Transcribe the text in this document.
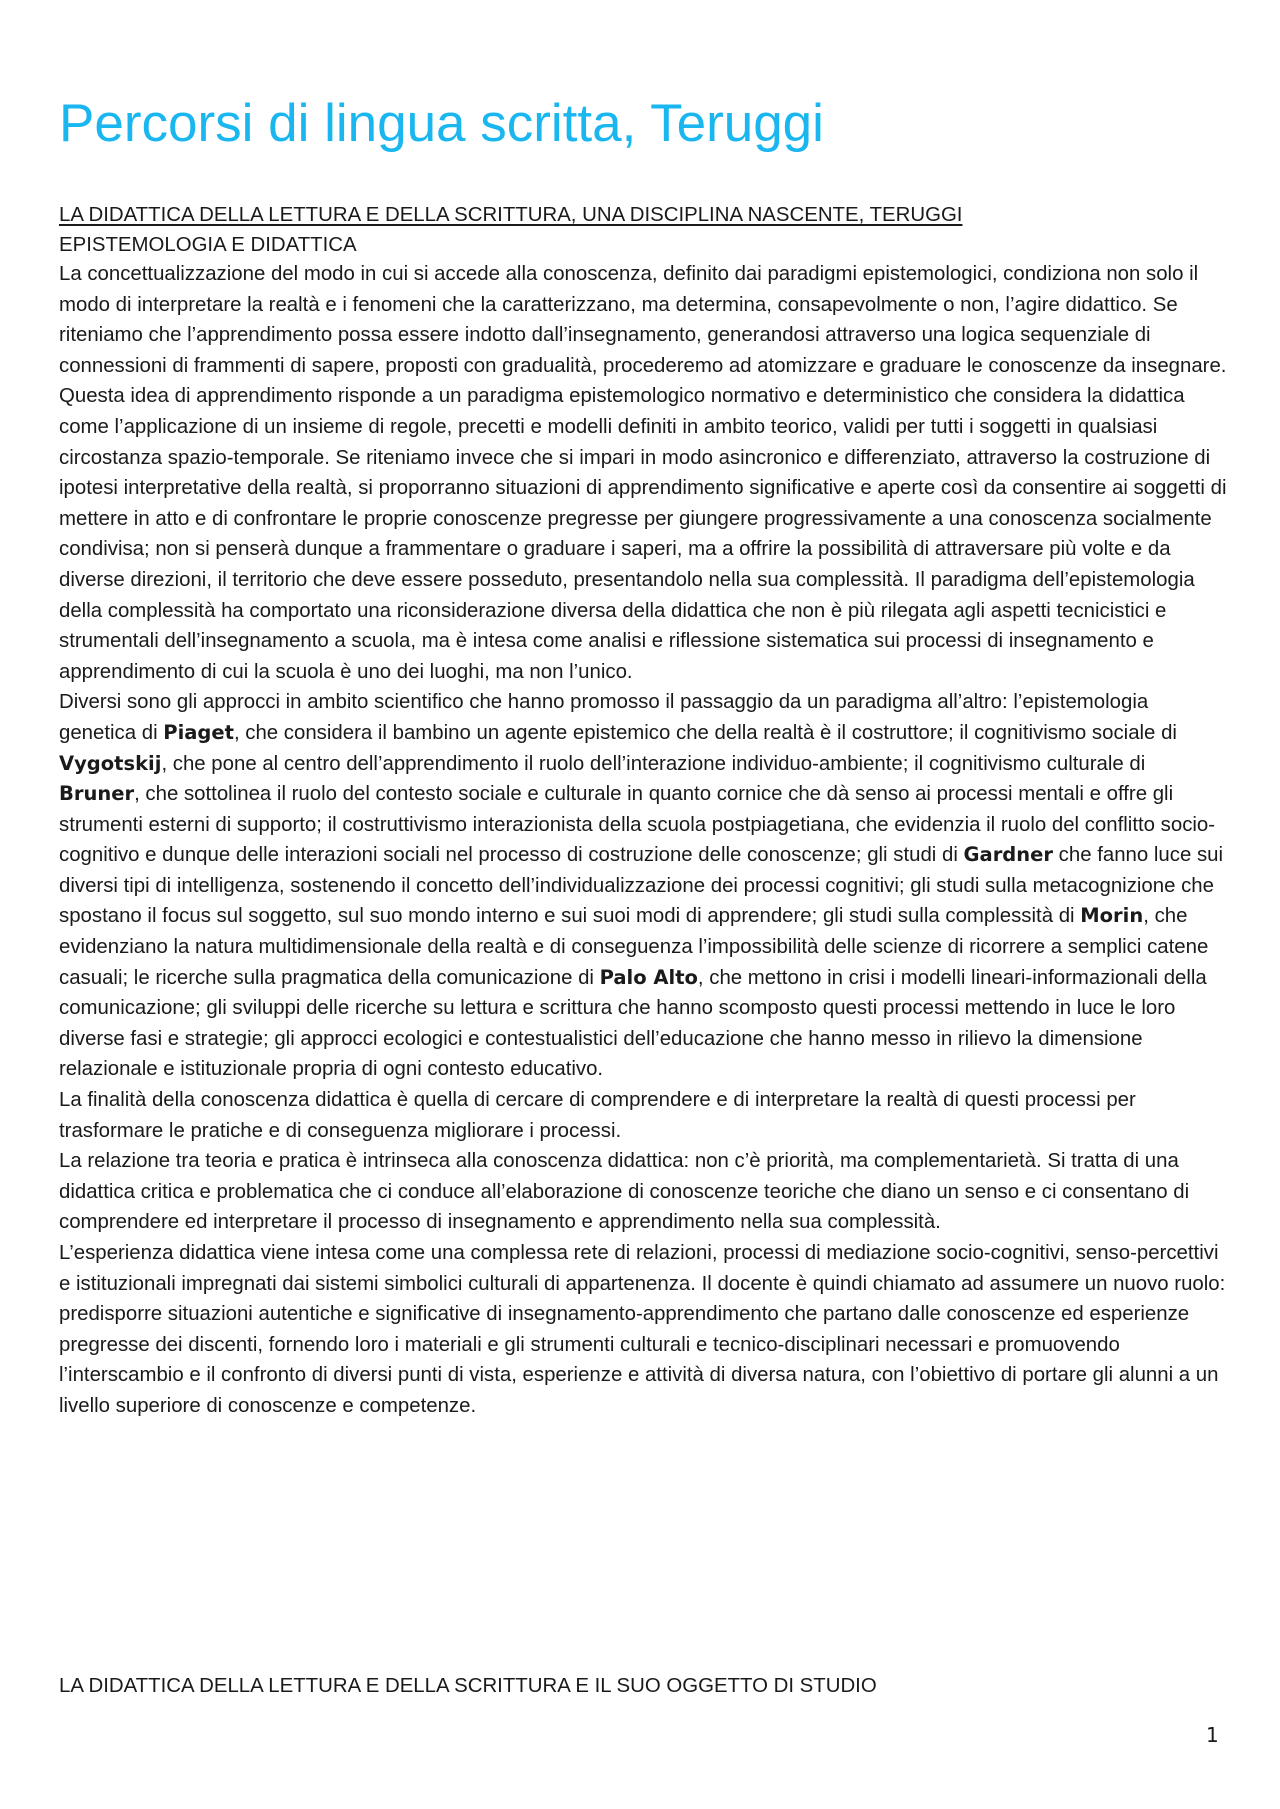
Percorsi di lingua scritta, Teruggi
LA DIDATTICA DELLA LETTURA E DELLA SCRITTURA, UNA DISCIPLINA NASCENTE, TERUGGI
EPISTEMOLOGIA E DIDATTICA

La concettualizzazione del modo in cui si accede alla conoscenza, definito dai paradigmi epistemologici, condiziona non solo il modo di interpretare la realtà e i fenomeni che la caratterizzano, ma determina, consapevolmente o non, l’agire didattico. Se riteniamo che l’apprendimento possa essere indotto dall’insegnamento, generandosi attraverso una logica sequenziale di connessioni di frammenti di sapere, proposti con gradualità, procederemo ad atomizzare e graduare le conoscenze da insegnare. Questa idea di apprendimento risponde a un paradigma epistemologico normativo e deterministico che considera la didattica come l’applicazione di un insieme di regole, precetti e modelli definiti in ambito teorico, validi per tutti i soggetti in qualsiasi circostanza spazio-temporale. Se riteniamo invece che si impari in modo asincronico e differenziato, attraverso la costruzione di ipotesi interpretative della realtà, si proporranno situazioni di apprendimento significative e aperte così da consentire ai soggetti di mettere in atto e di confrontare le proprie conoscenze pregresse per giungere progressivamente a una conoscenza socialmente condivisa; non si penserà dunque a frammentare o graduare i saperi, ma a offrire la possibilità di attraversare più volte e da diverse direzioni, il territorio che deve essere posseduto, presentandolo nella sua complessità. Il paradigma dell’epistemologia della complessità ha comportato una riconsiderazione diversa della didattica che non è più rilegata agli aspetti tecnicistici e strumentali dell’insegnamento a scuola, ma è intesa come analisi e riflessione sistematica sui processi di insegnamento e apprendimento di cui la scuola è uno dei luoghi, ma non l’unico.

Diversi sono gli approcci in ambito scientifico che hanno promosso il passaggio da un paradigma all’altro: l’epistemologia genetica di Piaget, che considera il bambino un agente epistemico che della realtà è il costruttore; il cognitivismo sociale di Vygotskij, che pone al centro dell’apprendimento il ruolo dell’interazione individuo-ambiente; il cognitivismo culturale di Bruner, che sottolinea il ruolo del contesto sociale e culturale in quanto cornice che dà senso ai processi mentali e offre gli strumenti esterni di supporto; il costruttivismo interazionista della scuola postpiagetiana, che evidenzia il ruolo del conflitto socio-cognitivo e dunque delle interazioni sociali nel processo di costruzione delle conoscenze; gli studi di Gardner che fanno luce sui diversi tipi di intelligenza, sostenendo il concetto dell’individualizzazione dei processi cognitivi; gli studi sulla metacognizione che spostano il focus sul soggetto, sul suo mondo interno e sui suoi modi di apprendere; gli studi sulla complessità di Morin, che evidenziano la natura multidimensionale della realtà e di conseguenza l’impossibilità delle scienze di ricorrere a semplici catene casuali; le ricerche sulla pragmatica della comunicazione di Palo Alto, che mettono in crisi i modelli lineari-informazionali della comunicazione; gli sviluppi delle ricerche su lettura e scrittura che hanno scomposto questi processi mettendo in luce le loro diverse fasi e strategie; gli approcci ecologici e contestualistici dell’educazione che hanno messo in rilievo la dimensione relazionale e istituzionale propria di ogni contesto educativo.

La finalità della conoscenza didattica è quella di cercare di comprendere e di interpretare la realtà di questi processi per trasformare le pratiche e di conseguenza migliorare i processi.

La relazione tra teoria e pratica è intrinseca alla conoscenza didattica: non c’è priorità, ma complementarietà. Si tratta di una didattica critica e problematica che ci conduce all’elaborazione di conoscenze teoriche che diano un senso e ci consentano di comprendere ed interpretare il processo di insegnamento e apprendimento nella sua complessità.

L’esperienza didattica viene intesa come una complessa rete di relazioni, processi di mediazione socio-cognitivi, senso-percettivi e istituzionali impregnati dai sistemi simbolici culturali di appartenenza. Il docente è quindi chiamato ad assumere un nuovo ruolo: predisporre situazioni autentiche e significative di insegnamento-apprendimento che partano dalle conoscenze ed esperienze pregresse dei discenti, fornendo loro i materiali e gli strumenti culturali e tecnico-disciplinari necessari e promuovendo l’interscambio e il confronto di diversi punti di vista, esperienze e attività di diversa natura, con l’obiettivo di portare gli alunni a un livello superiore di conoscenze e competenze.

LA DIDATTICA DELLA LETTURA E DELLA SCRITTURA E IL SUO OGGETTO DI STUDIO
1
